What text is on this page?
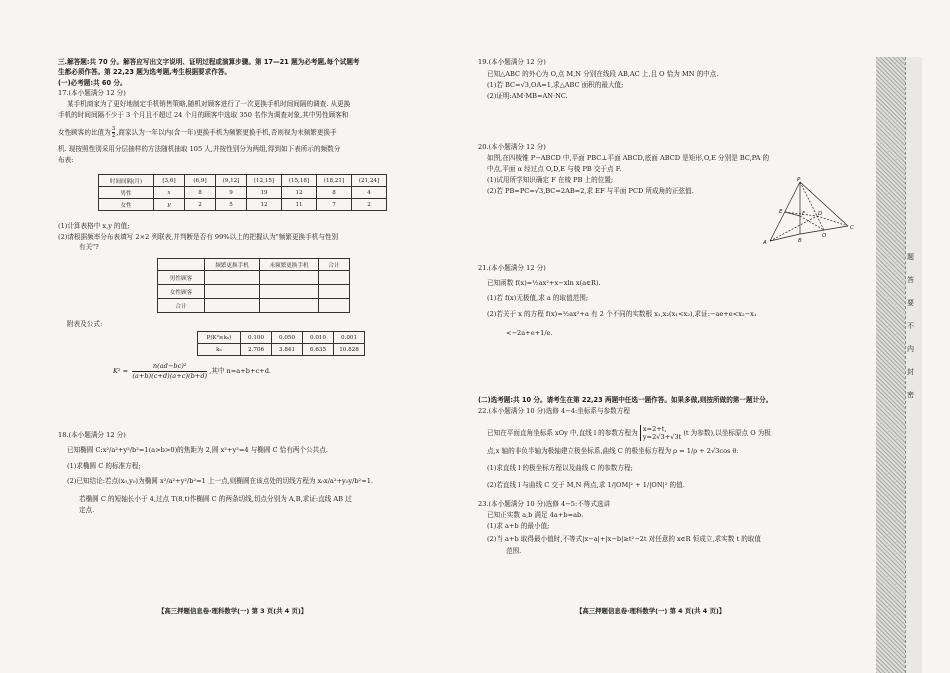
三.解答题:共 70 分。解答应写出文字说明、证明过程或演算步骤。第 17—21 题为必考题,每个试题考
生都必须作答。第 22,23 题为选考题,考生根据要求作答。
(一)必考题:共 60 分。
17.(本小题满分 12 分)
某手机商家为了更好地制定手机销售策略,随机对顾客进行了一次更换手机时间间隔的调查. 从更换
手机的时间间隔不少于 3 个月且不超过 24 个月的顾客中选取 350 名作为调查对象,其中男性顾客和
女性顾客的比值为 $\frac{3}{2}$ ,商家认为一年以内(含一年)更换手机为频繁更换手机,否则视为未频繁更换手
机. 现按照性别采用分层抽样的方法随机抽取 105 人,并按性别分为两组,得到如下表所示的频数分
布表:
时间间隔(月)	[3,6]	(6,9]	(9,12]	(12,15]	(15,18]	(18,21]	(21,24]
男性	x	8	9	19	12	8	4
女性	y	2	5	12	11	7	2
(1)计算表格中 x,y 的值;
(2)请根据频率分布表填写 2×2 列联表,并判断是否有 99%以上的把握认为"频繁更换手机与性别
有关"?
	频繁更换手机	未频繁更换手机	合计
男性顾客			
女性顾客			
合计			
附表及公式:
P(K²≥k₀)	0.100	0.050	0.010	0.001
k₀	2.706	3.841	6.635	10.828
$K^2 = \frac{\text{n(ad−bc)²}}{(a+b)(c+d)(a+c)(b+d)}$ ,其中 n=a+b+c+d.
18.(本小题满分 12 分)
已知椭圆 C:x²/a²+y²/b²=1(a>b>0)的焦距为 2,圆 x²+y²=4 与椭圆 C 恰有两个公共点.
(1)求椭圆 C 的标准方程;
(2)已知结论:若点(x₀,y₀)为椭圆 x²/a²+y²/b²=1 上一点,则椭圆在该点处的切线方程为 x₀x/a²+y₀y/b²=1.
若椭圆 C 的短轴长小于 4,过点 T(8,t)作椭圆 C 的两条切线,切点分别为 A,B,求证:直线 AB 过
定点.
【高三押题信息卷·理科数学(一) 第 3 页(共 4 页)】
19.(本小题满分 12 分)
已知△ABC 的外心为 O,点 M,N 分别在线段 AB,AC 上,且 O 恰为 MN 的中点.
(1)若 BC=√3,OA=1,求△ABC 面积的最大值;
(2)证明:AM·MB=AN·NC.
20.(本小题满分 12 分)
如图,在四棱锥 P−ABCD 中,平面 PBC⊥平面 ABCD,底面 ABCD 是矩形,O,E 分别是 BC,PA 的
中点,平面 α 经过点 O,D,E 与棱 PB 交于点 F.
(1)试用所学知识确定 F 在棱 PB 上的位置;
(2)若 PB=PC=√3,BC=2AB=2,求 EF 与平面 PCD 所成角的正弦值.
P
E	F D
O
C
A	B
21.(本小题满分 12 分)
已知函数 f(x)=½ax²+x−xln x(a∈R).
(1)若 f(x)无极值,求 a 的取值范围;
(2)若关于 x 的方程 f(x)=½ax²+a 有 2 个不同的实数根 x₁,x₂(x₁<x₂),求证:−ae+e<x₂−x₁
<−2a+e+1/e.
(二)选考题:共 10 分。请考生在第 22,23 两题中任选一题作答。如果多做,则按所做的第一题计分。
22.(本小题满分 10 分)选修 4−4:坐标系与参数方程
已知在平面直角坐标系 xOy 中,直线 l 的参数方程为 x=2+t,
y=2√3+√3t (t 为参数),以坐标原点 O 为极
点,x 轴的非负半轴为极轴建立极坐标系,曲线 C 的极坐标方程为 ρ = 1/ρ + 2√3cos θ.
(1)求直线 l 的极坐标方程以及曲线 C 的参数方程;
(2)若直线 l 与曲线 C 交于 M,N 两点,求 1/|OM|² + 1/|ON|² 的值.
23.(本小题满分 10 分)选修 4−5:不等式选讲
已知正实数 a,b 满足 4a+b=ab.
(1)求 a+b 的最小值;
(2)当 a+b 取得最小值时,不等式|x−a|+|x−b|≥t²−2t 对任意的 x∈R 恒成立,求实数 t 的取值
范围.
【高三押题信息卷·理科数学(一) 第 4 页(共 4 页)】
题
答
要
不
内
封
密
